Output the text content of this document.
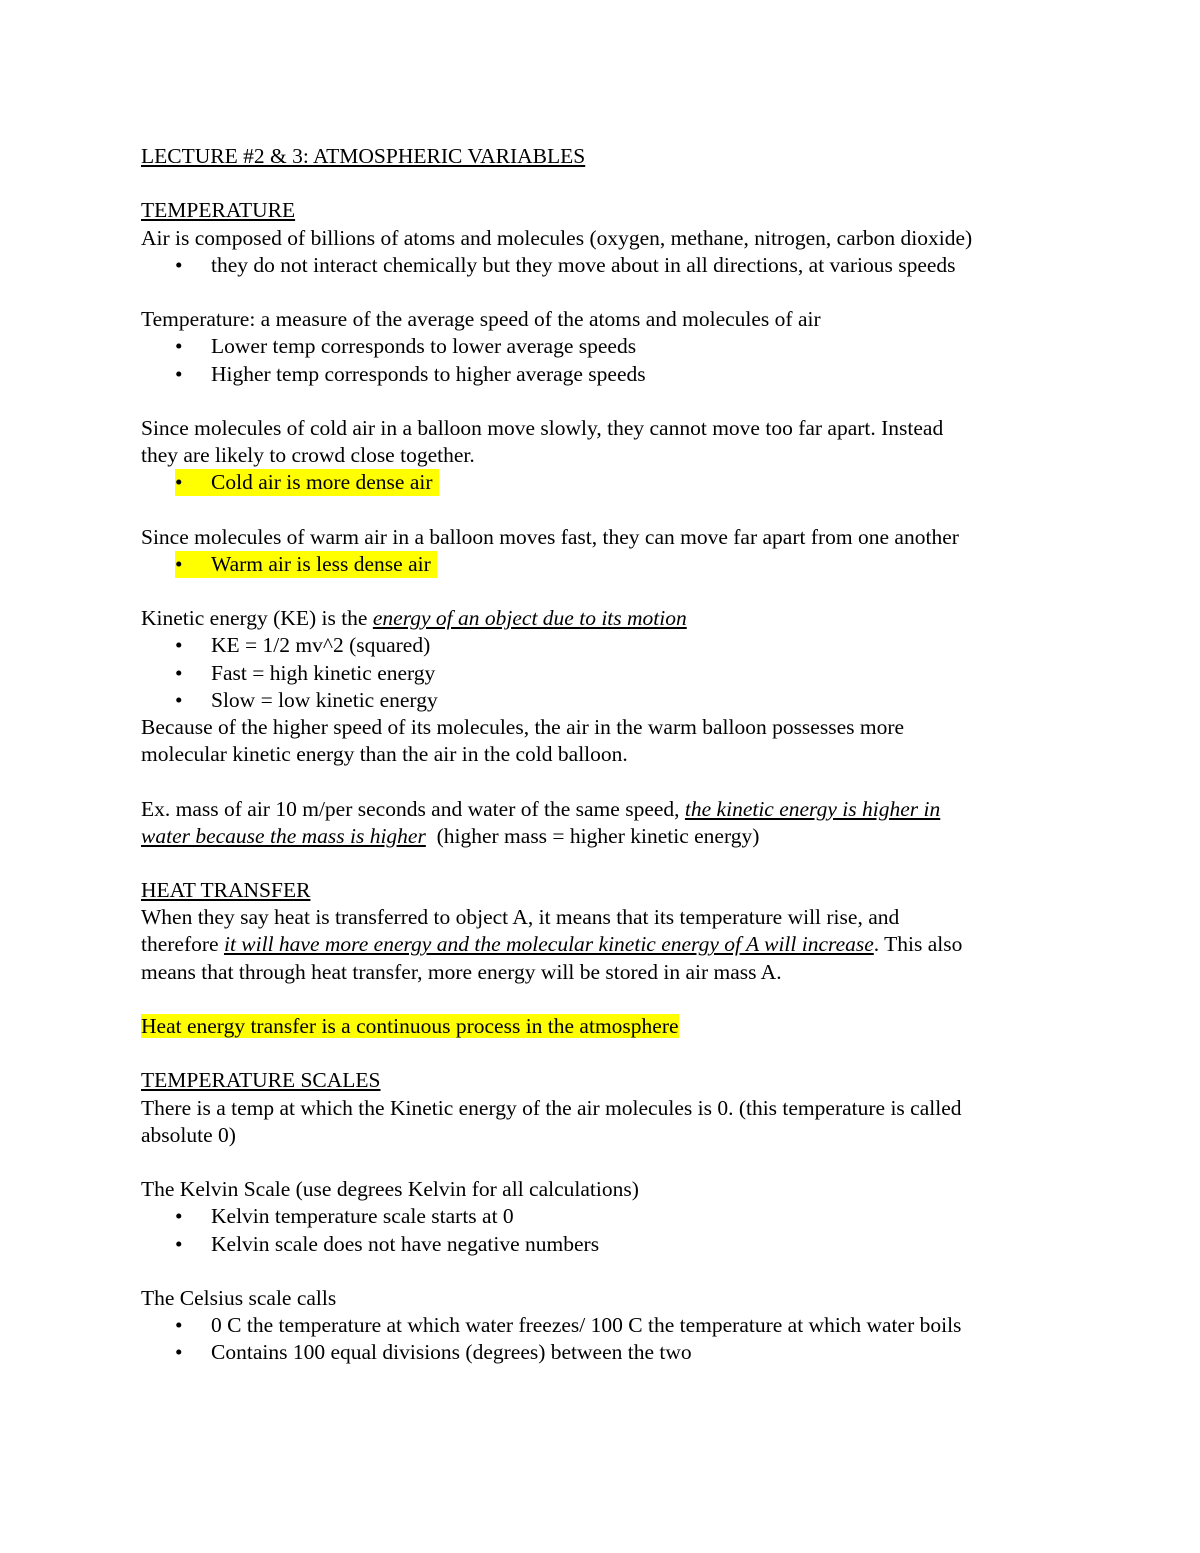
LECTURE #2 & 3: ATMOSPHERIC VARIABLES
TEMPERATURE
Air is composed of billions of atoms and molecules (oxygen, methane, nitrogen, carbon dioxide)
• they do not interact chemically but they move about in all directions, at various speeds
Temperature: a measure of the average speed of the atoms and molecules of air
• Lower temp corresponds to lower average speeds
• Higher temp corresponds to higher average speeds
Since molecules of cold air in a balloon move slowly, they cannot move too far apart. Instead
they are likely to crowd close together.
• Cold air is more dense air
Since molecules of warm air in a balloon moves fast, they can move far apart from one another
• Warm air is less dense air
Kinetic energy (KE) is the energy of an object due to its motion
• KE = 1/2 mv^2 (squared)
• Fast = high kinetic energy
• Slow = low kinetic energy
Because of the higher speed of its molecules, the air in the warm balloon possesses more
molecular kinetic energy than the air in the cold balloon.
Ex. mass of air 10 m/per seconds and water of the same speed, the kinetic energy is higher in
water because the mass is higher  (higher mass = higher kinetic energy)
HEAT TRANSFER
When they say heat is transferred to object A, it means that its temperature will rise, and
therefore it will have more energy and the molecular kinetic energy of A will increase. This also
means that through heat transfer, more energy will be stored in air mass A.
Heat energy transfer is a continuous process in the atmosphere
TEMPERATURE SCALES
There is a temp at which the Kinetic energy of the air molecules is 0. (this temperature is called
absolute 0)
The Kelvin Scale (use degrees Kelvin for all calculations)
• Kelvin temperature scale starts at 0
• Kelvin scale does not have negative numbers
The Celsius scale calls
• 0 C the temperature at which water freezes/ 100 C the temperature at which water boils
• Contains 100 equal divisions (degrees) between the two
